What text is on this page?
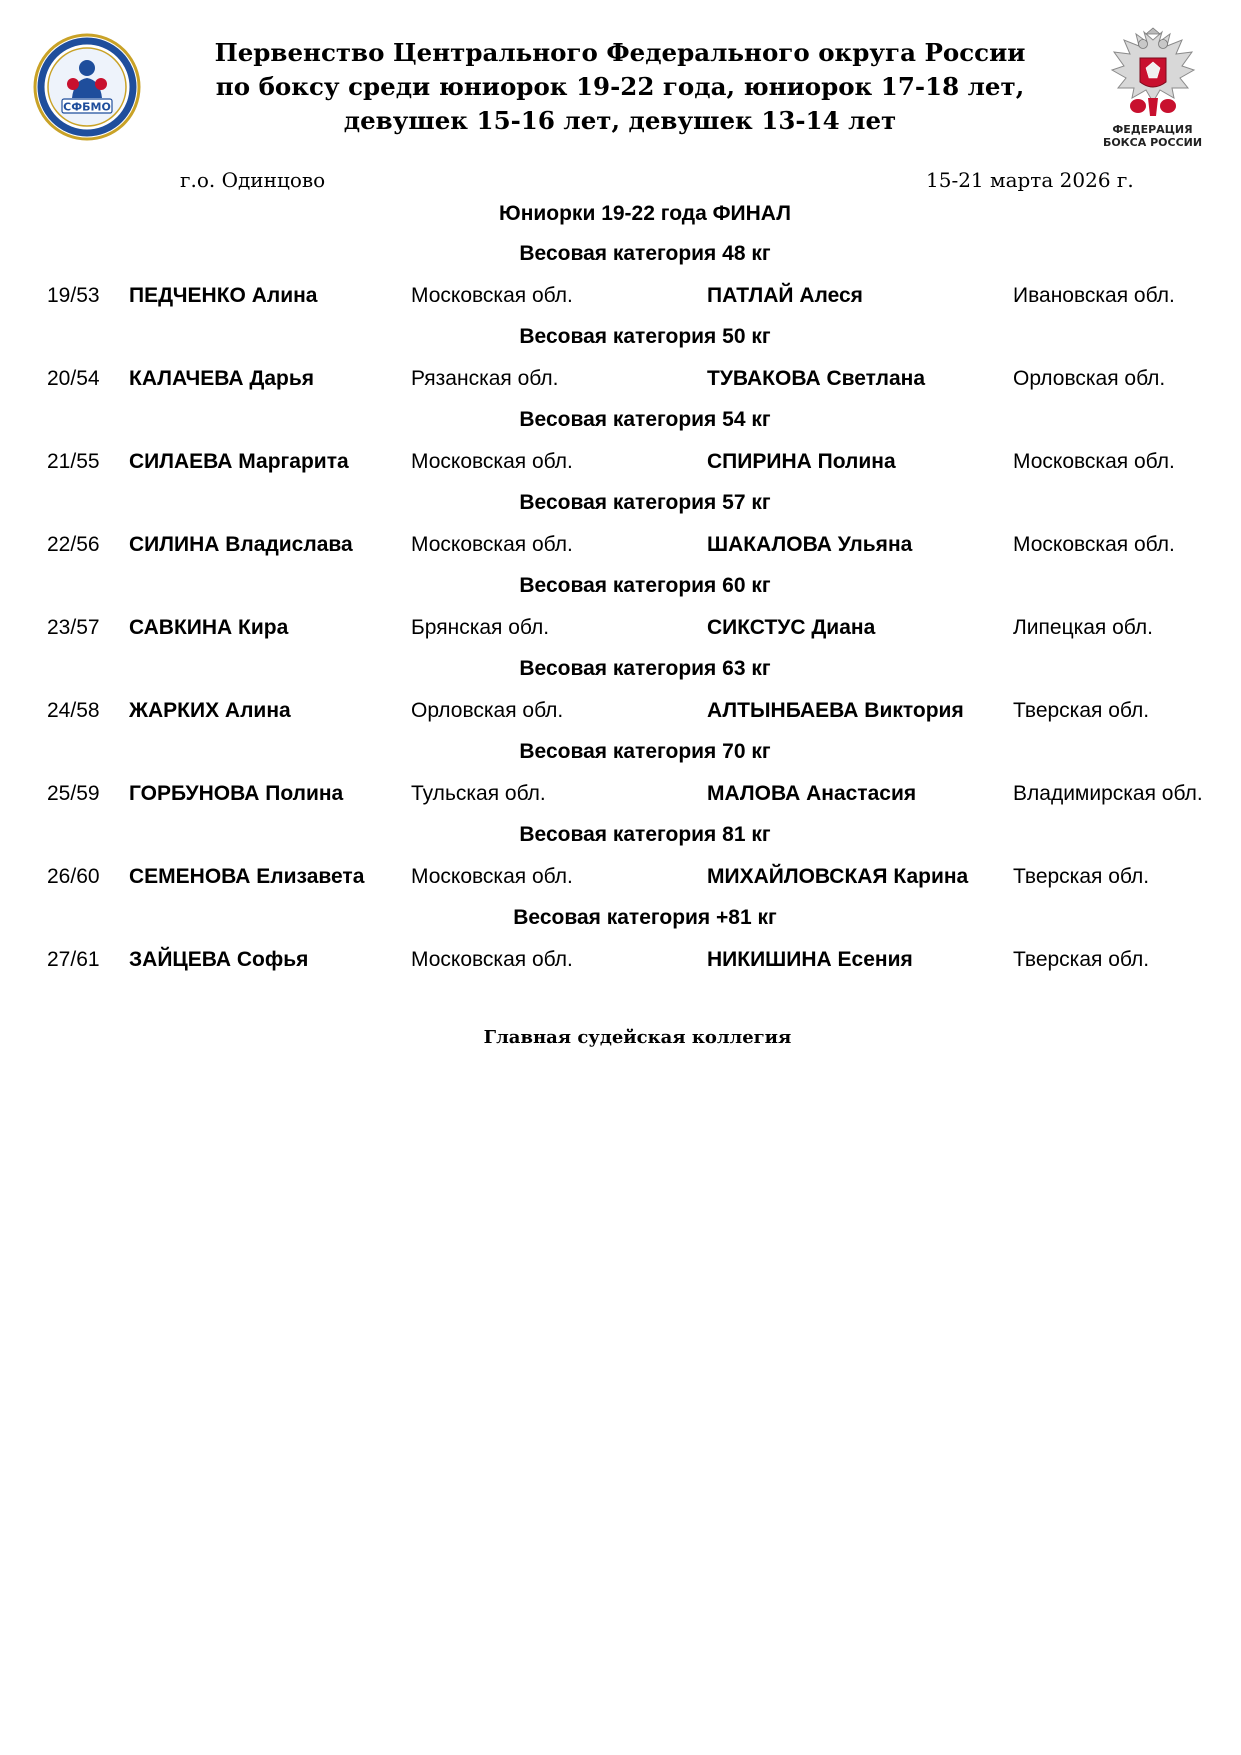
СФБМО
Первенство Центрального Федерального округа России
по боксу среди юниорок 19-22 года, юниорок 17-18 лет,
девушек 15-16 лет, девушек 13-14 лет	ФЕДЕРАЦИЯ
БОКСА РОССИИ
г.о. Одинцово	15-21 марта 2026 г.
Юниорки 19-22 года ФИНАЛ
Весовая категория 48 кг
19/53 ПЕДЧЕНКО Алина	Московская обл.	ПАТЛАЙ Алеся	Ивановская обл.
Весовая категория 50 кг
20/54 КАЛАЧЕВА Дарья	Рязанская обл.	ТУВАКОВА Светлана	Орловская обл.
Весовая категория 54 кг
21/55 СИЛАЕВА Маргарита	Московская обл.	СПИРИНА Полина	Московская обл.
Весовая категория 57 кг
22/56 СИЛИНА Владислава	Московская обл.	ШАКАЛОВА Ульяна	Московская обл.
Весовая категория 60 кг
23/57 САВКИНА Кира	Брянская обл.	СИКСТУС Диана	Липецкая обл.
Весовая категория 63 кг
24/58 ЖАРКИХ Алина	Орловская обл.	АЛТЫНБАЕВА Виктория Тверская обл.
Весовая категория 70 кг
25/59 ГОРБУНОВА Полина	Тульская обл.	МАЛОВА Анастасия	Владимирская обл.
Весовая категория 81 кг
26/60 СЕМЕНОВА Елизавета Московская обл.	МИХАЙЛОВСКАЯ Карина Тверская обл.
Весовая категория +81 кг
27/61 ЗАЙЦЕВА Софья	Московская обл.	НИКИШИНА Есения	Тверская обл.
Главная судейская коллегия
